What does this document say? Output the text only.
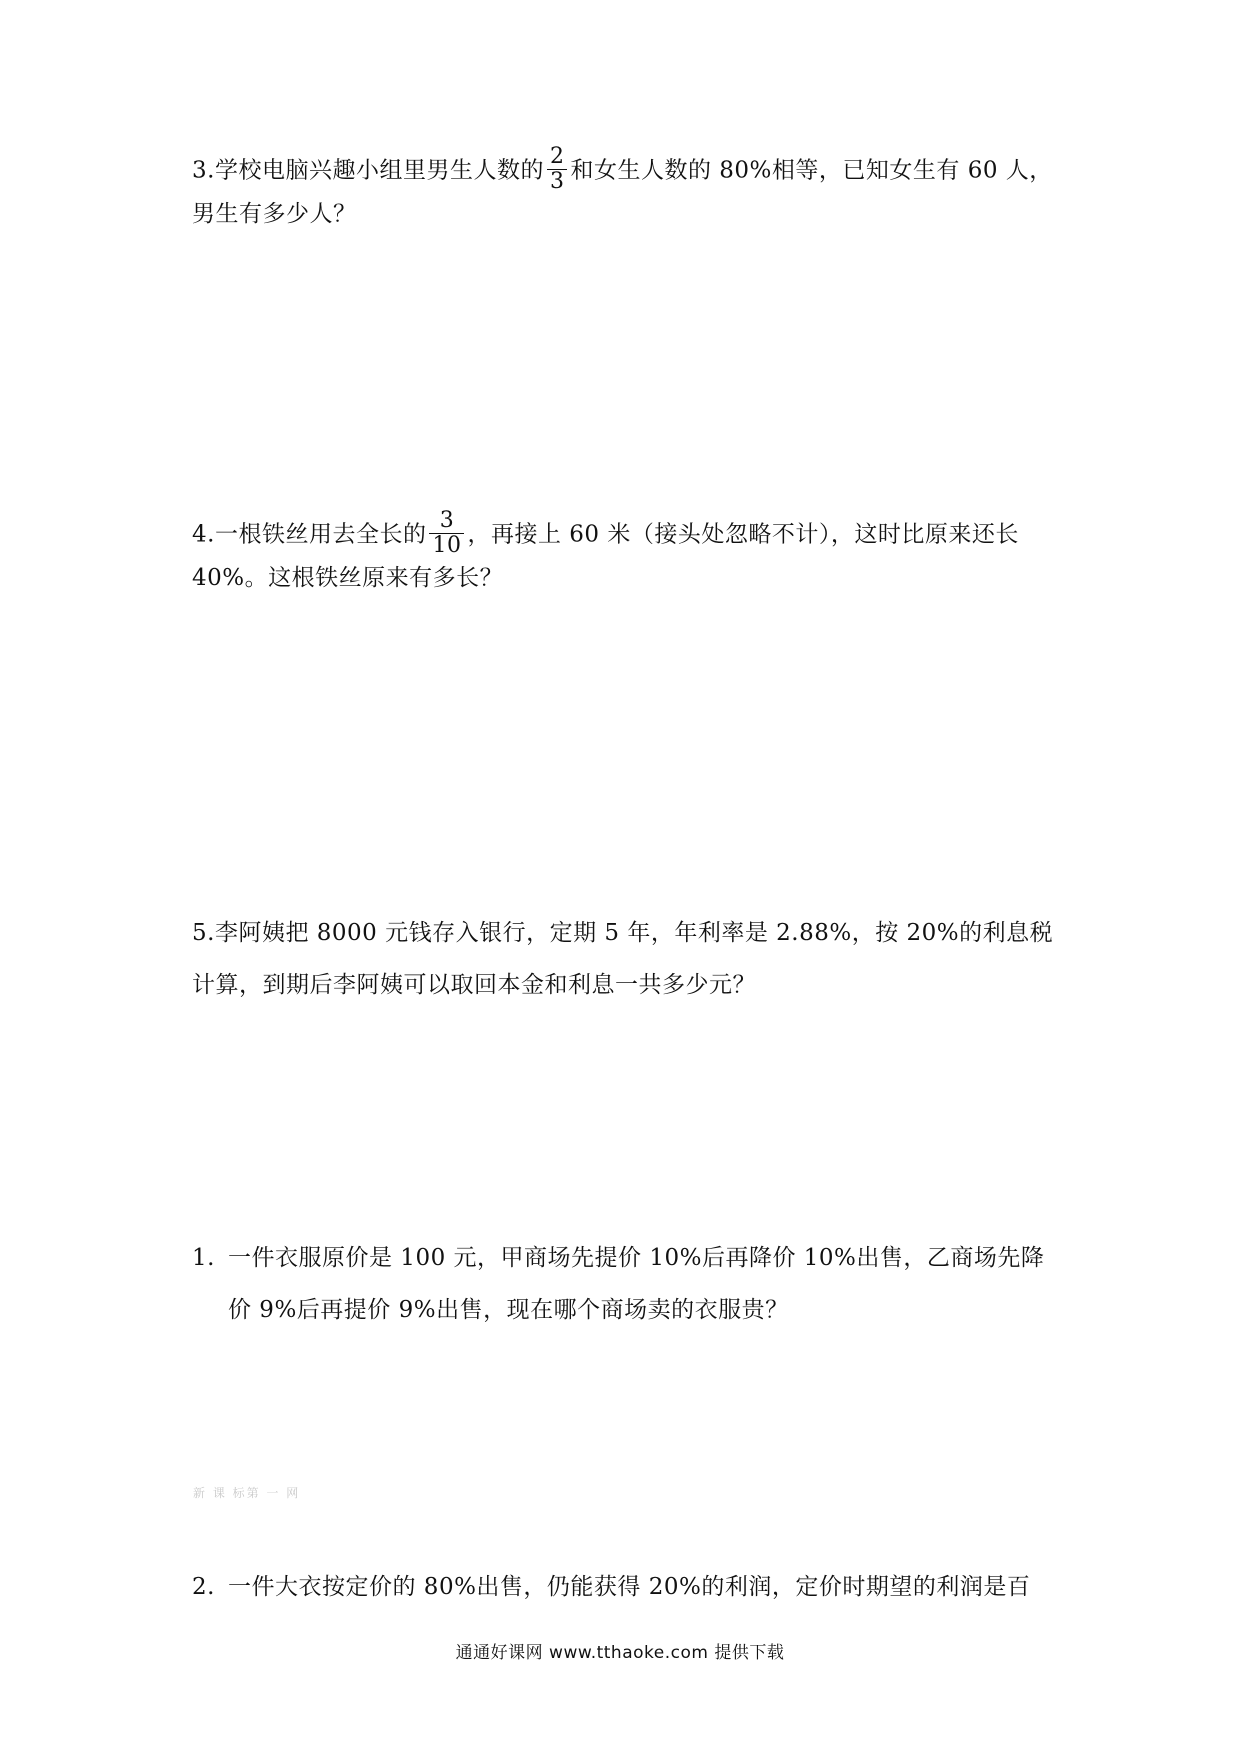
3.学校电脑兴趣小组里男生人数的 $\frac{2}{3}$ 和女生人数的 80%相等，已知女生有 60 人，
男生有多少人？
4.一根铁丝用去全长的 $\frac{3}{10}$ ，再接上 60 米（接头处忽略不计），这时比原来还长
40%。这根铁丝原来有多长？
5.李阿姨把 8000 元钱存入银行，定期 5 年，年利率是 2.88%，按 20%的利息税
计算，到期后李阿姨可以取回本金和利息一共多少元？
1. 一件衣服原价是 100 元，甲商场先提价 10%后再降价 10%出售，乙商场先降
价 9%后再提价 9%出售，现在哪个商场卖的衣服贵？
新 课 标第 一 网
2. 一件大衣按定价的 80%出售，仍能获得 20%的利润，定价时期望的利润是百
通通好课网 www.tthaoke.com 提供下载
